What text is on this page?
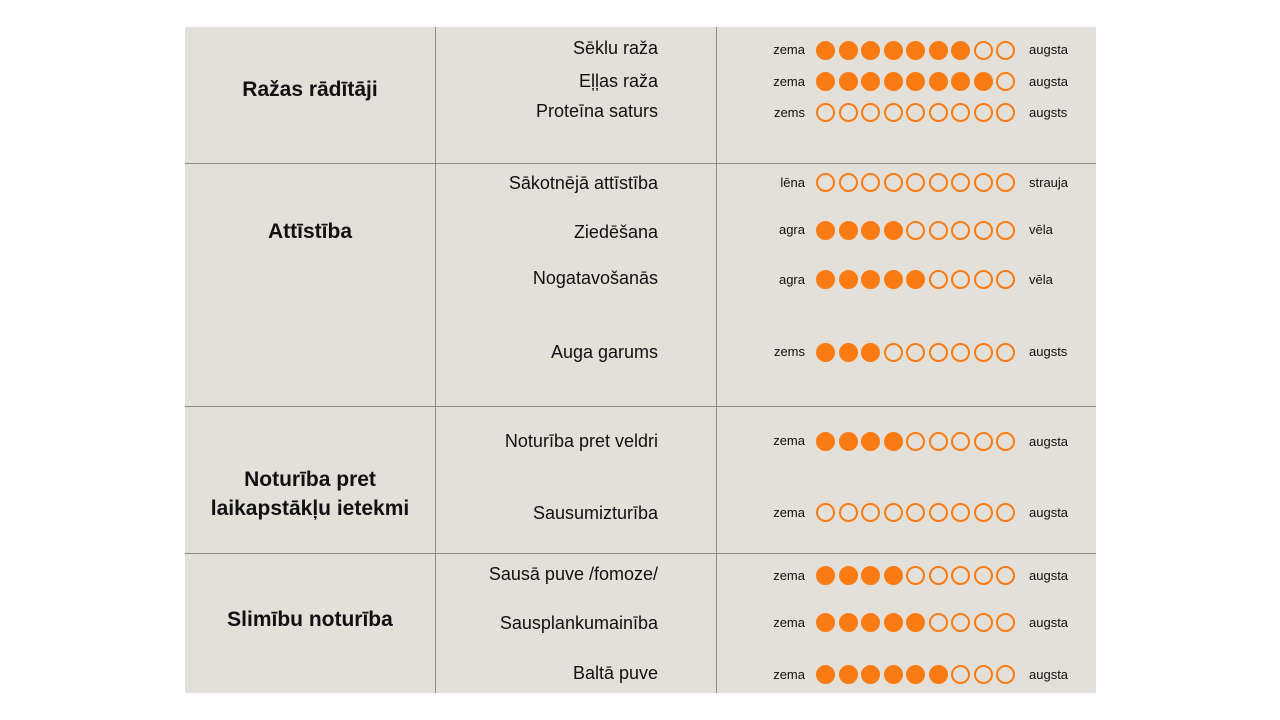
Ražas rādītāji
Sēklu raža	zema	augsta
Eļļas raža	zema	augsta
Proteīna saturs	zems	augsts
Attīstība
Sākotnējā attīstība	lēna	strauja
Ziedēšana	agra	vēla
Nogatavošanās	agra	vēla
Auga garums	zems	augsts
Noturība pret laikapstākļu ietekmi
Noturība pret veldri	zema	augsta
Sausumizturība	zema	augsta
Slimību noturība
Sausā puve /fomoze/	zema	augsta
Sausplankumainība	zema	augsta
Baltā puve	zema	augsta
